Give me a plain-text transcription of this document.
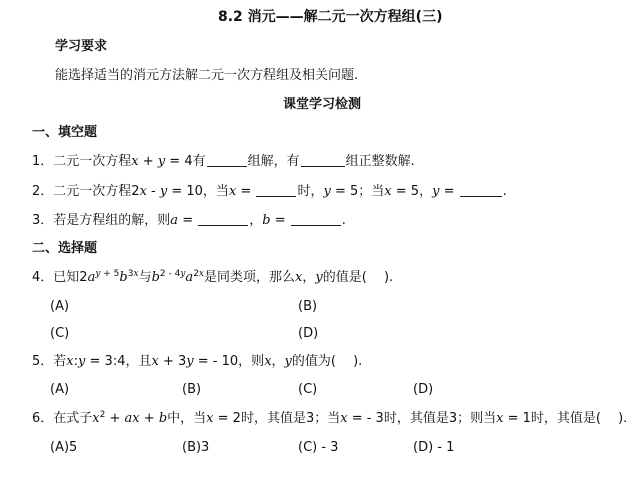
8.2 消元——解二元一次方程组(三)
学习要求
能选择适当的消元方法解二元一次方程组及相关问题.
课堂学习检测
一、填空题
1．二元一次方程x + y = 4有	组解，有	组正整数解.
2．二元一次方程2x - y = 10，当x =	时，y = 5；当x = 5，y =	.
3．若是方程组的解，则a =	，b =	.
二、选择题
4．已知$2a^{y + 5}b^{3x}$与$b^{2 - 4y}a^{2x}$是同类项，那么x，y的值是(　 ).
(A)	(B)
(C)	(D)
5．若x:y = 3:4，且x + 3y = - 10，则x，y的值为(　 ).
(A)	(B)	(C)	(D)
6．在式子$x^2$ + ax + b中，当x = 2时，其值是3；当x = - 3时，其值是3；则当x = 1时，其值是(　 ).
(A)5	(B)3	(C) - 3	(D) - 1
